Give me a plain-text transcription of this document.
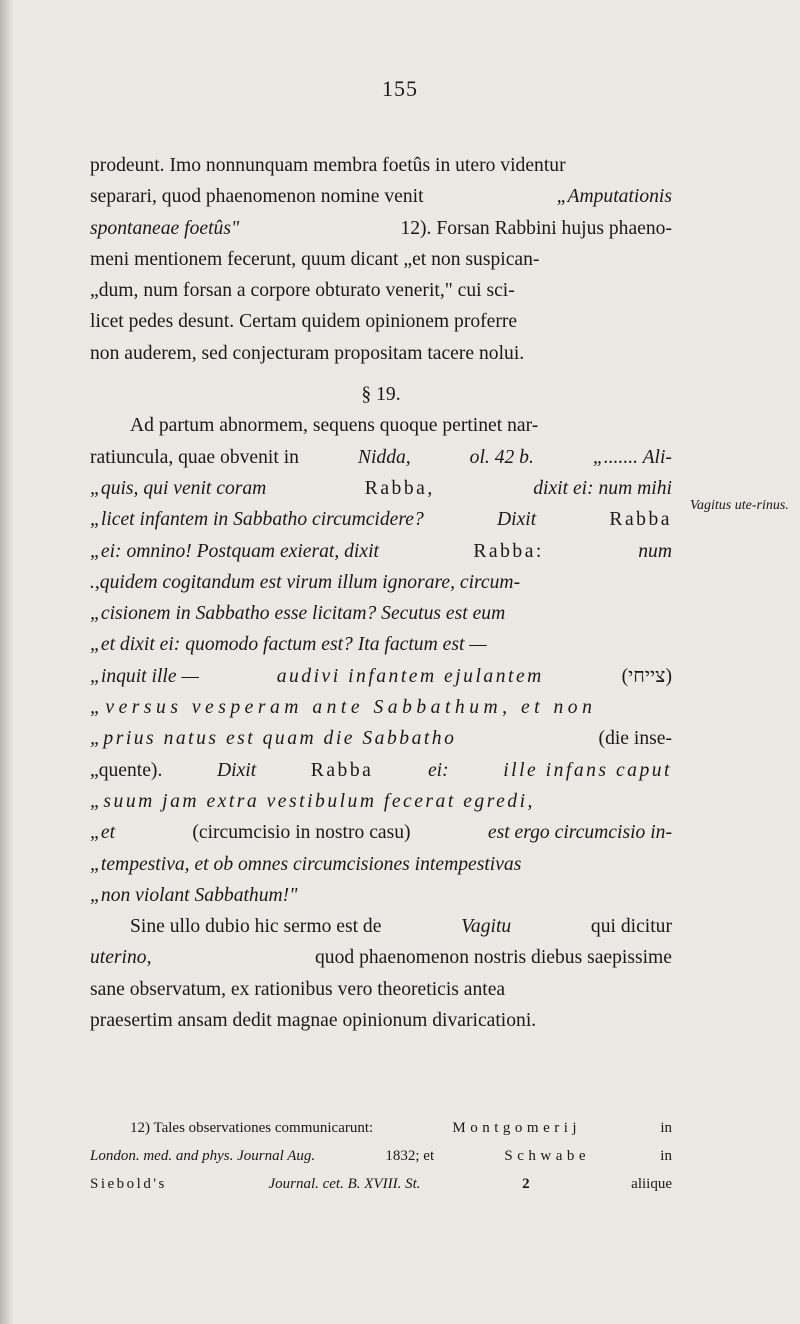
155
prodeunt. Imo nonnunquam membra foetûs in utero videntur
separari, quod phaenomenon nomine venit	„Amputationis
spontaneae foetûs"	12). Forsan Rabbini hujus phaeno-
meni mentionem fecerunt, quum dicant „et non suspican-
„dum, num forsan a corpore obturato venerit," cui sci-
licet pedes desunt. Certam quidem opinionem proferre
non auderem, sed conjecturam propositam tacere nolui.
§ 19.
Ad partum abnormem, sequens quoque pertinet nar-
ratiuncula, quae obvenit in	Nidda,	ol. 42 b.	„....... Ali-
„quis, qui venit coram	Rabba,	dixit ei: num mihi
„licet infantem in Sabbatho circumcidere?	Dixit	Rabba
„ei: omnino! Postquam exierat, dixit	Rabba:	num
.,quidem cogitandum est virum illum ignorare, circum-
„cisionem in Sabbatho esse licitam? Secutus est eum
„et dixit ei: quomodo factum est? Ita factum est —
„inquit ille —	audivi infantem ejulantem	(צייחי)
„versus vesperam ante Sabbathum, et non
„prius natus est quam die Sabbatho	(die inse-
„quente).	Dixit	Rabba	ei:	ille infans caput
„suum jam extra vestibulum fecerat egredi,
„et	(circumcisio in nostro casu)	est ergo circumcisio in-
„tempestiva, et ob omnes circumcisiones intempestivas
„non violant Sabbathum!"
Sine ullo dubio hic sermo est de	Vagitu	qui dicitur
uterino,	quod phaenomenon nostris diebus saepissime
sane observatum, ex rationibus vero theoreticis antea
praesertim ansam dedit magnae opinionum divaricationi.
Vagitus ute-rinus.
12) Tales observationes communicarunt:	Montgomerij	in
London. med. and phys. Journal Aug.	1832; et	Schwabe	in
Siebold's	Journal. cet. B. XVIII. St.	2	aliique
